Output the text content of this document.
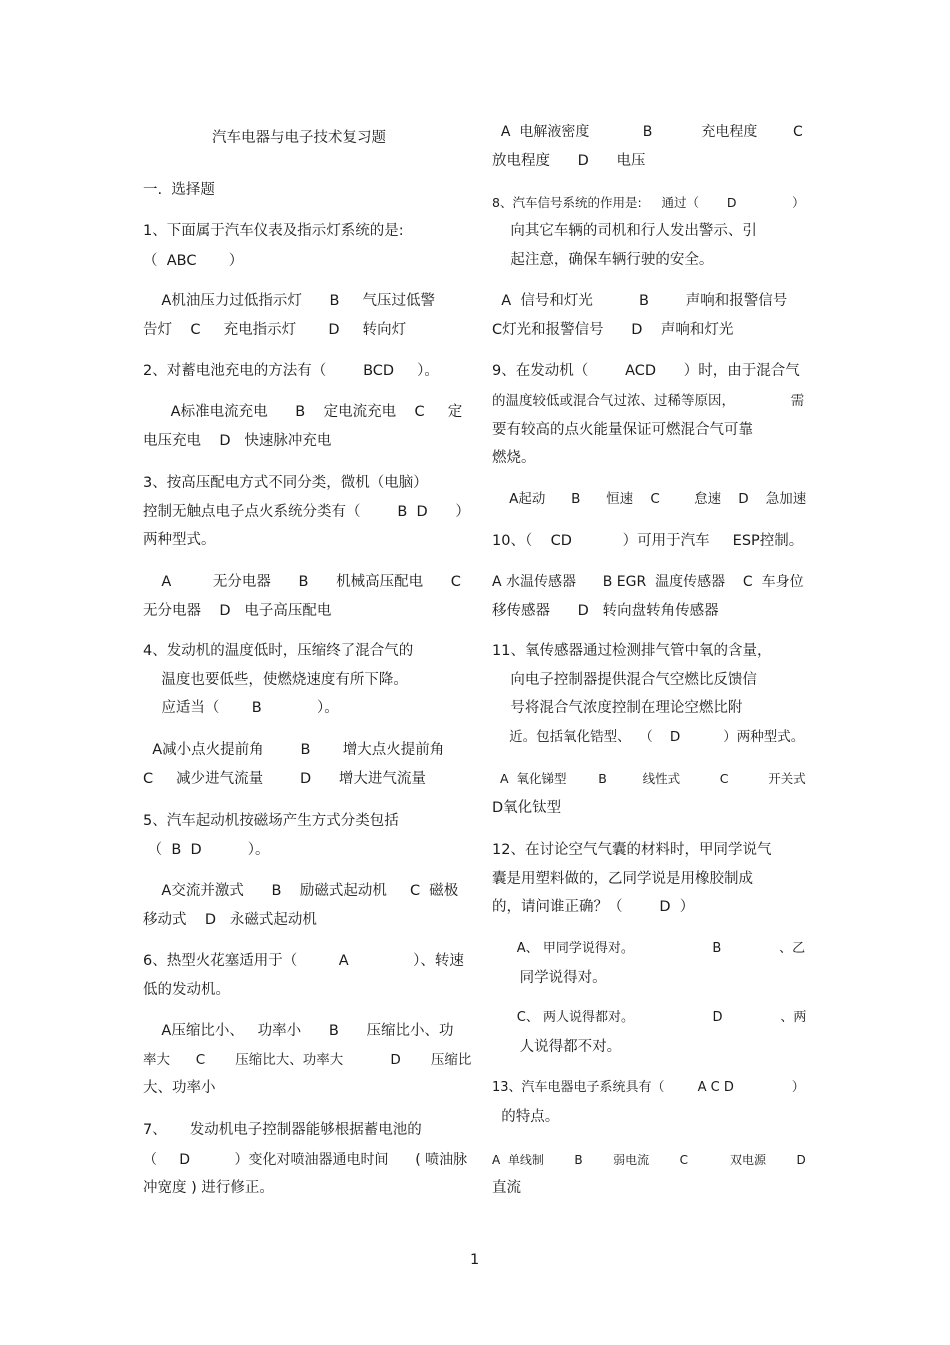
汽车电器与电子技术复习题
一.  选择题
1、下面属于汽车仪表及指示灯系统的是:
（  ABC       ）
A机油压力过低指示灯      B     气压过低警
告灯    C     充电指示灯       D     转向灯
2、对蓄电池充电的方法有（        BCD     ）。
A标准电流充电      B    定电流充电    C     定
电压充电    D   快速脉冲充电
3、按高压配电方式不同分类，微机（电脑）
控制无触点电子点火系统分类有（        B  D      ）
两种型式。
A         无分电器      B      机械高压配电      C
无分电器    D   电子高压配电
4、发动机的温度低时，压缩终了混合气的
温度也要低些，使燃烧速度有所下降。
应适当（       B            ）。
A减小点火提前角        B       增大点火提前角
C     减少进气流量        D      增大进气流量
5、汽车起动机按磁场产生方式分类包括
（  B  D          ）。
A交流并激式      B    励磁式起动机     C  磁极
移动式    D   永磁式起动机
6、热型火花塞适用于（         A              ）、转速
低的发动机。
A压缩比小、   功率小      B      压缩比小、功
率大      C       压缩比大、功率大           D       压缩比
大、功率小
7、     发动机电子控制器能够根据蓄电池的
（     D          ）变化对喷油器通电时间      ( 喷油脉
冲宽度 ) 进行修正。
A  电解液密度            B           充电程度        C
放电程度      D      电压
8、汽车信号系统的作用是:     通过（       D              ）
向其它车辆的司机和行人发出警示、引
起注意，确保车辆行驶的安全。
A  信号和灯光          B        声响和报警信号
C灯光和报警信号      D    声响和灯光
9、在发动机（        ACD      ）时，由于混合气
的温度较低或混合气过浓、过稀等原因，             需
要有较高的点火能量保证可燃混合气可靠
燃烧。
A起动      B      恒速    C        怠速    D    急加速
10、（    CD           ）可用于汽车     ESP控制。
A 水温传感器      B EGR  温度传感器    C  车身位
移传感器      D   转向盘转角传感器
11、氧传感器通过检测排气管中氧的含量，
向电子控制器提供混合气空燃比反馈信
号将混合气浓度控制在理论空燃比附
近。包括氧化锆型、  （    D          ）两种型式。
A  氧化锑型        B         线性式          C          开关式
D氧化钛型
12、在讨论空气气囊的材料时，甲同学说气
囊是用塑料做的，乙同学说是用橡胶制成
的，请问谁正确？（        D  ）
A、 甲同学说得对。                   B              、乙
同学说得对。
C、 两人说得都对。                   D              、两
人说得都不对。
13、汽车电器电子系统具有（        A C D              ）
的特点。
A  单线制        B        弱电流        C           双电源        D
直流
1
